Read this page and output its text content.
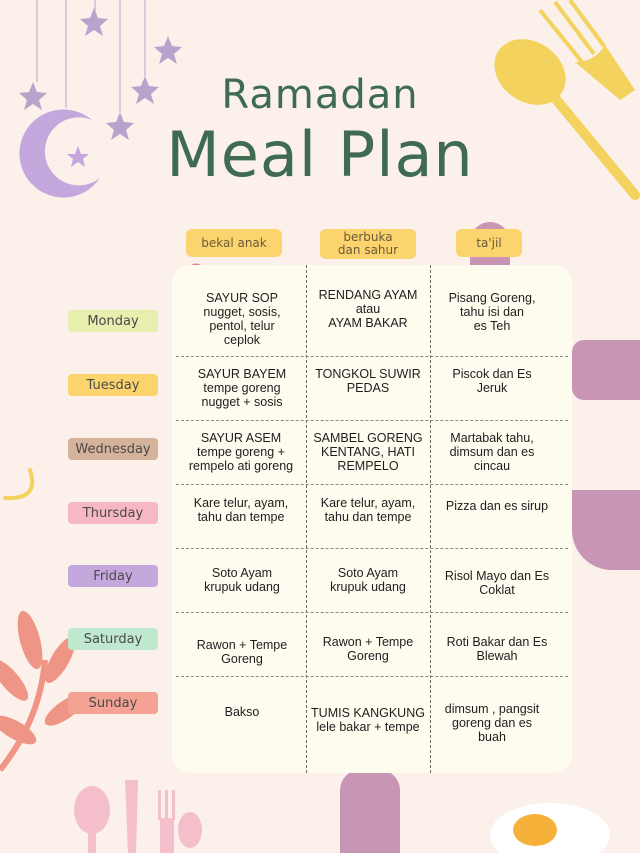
Ramadan
Meal Plan
bekal anak	berbuka
dan sahur
ta'jil
Monday
Tuesday
Wednesday
Thursday
Friday
Saturday
Sunday
SAYUR SOP
nugget, sosis,
pentol, telur
ceplok
RENDANG AYAM
atau
AYAM BAKAR
Pisang Goreng,
tahu isi dan
es Teh
SAYUR BAYEM
tempe goreng
nugget + sosis
TONGKOL SUWIR
PEDAS
Piscok dan Es
Jeruk
SAYUR ASEM
tempe goreng +
rempelo ati goreng
SAMBEL GORENG
KENTANG, HATI
REMPELO
Martabak tahu,
dimsum dan es
cincau
Kare telur, ayam,
tahu dan tempe
Kare telur, ayam,
tahu dan tempe
Pizza dan es sirup
Soto Ayam
krupuk udang
Soto Ayam
krupuk udang
Risol Mayo dan Es
Coklat
Rawon + Tempe
Goreng
Rawon + Tempe
Goreng
Roti Bakar dan Es
Blewah
Bakso	TUMIS KANGKUNG
lele bakar + tempe
dimsum , pangsit
goreng dan es
buah
